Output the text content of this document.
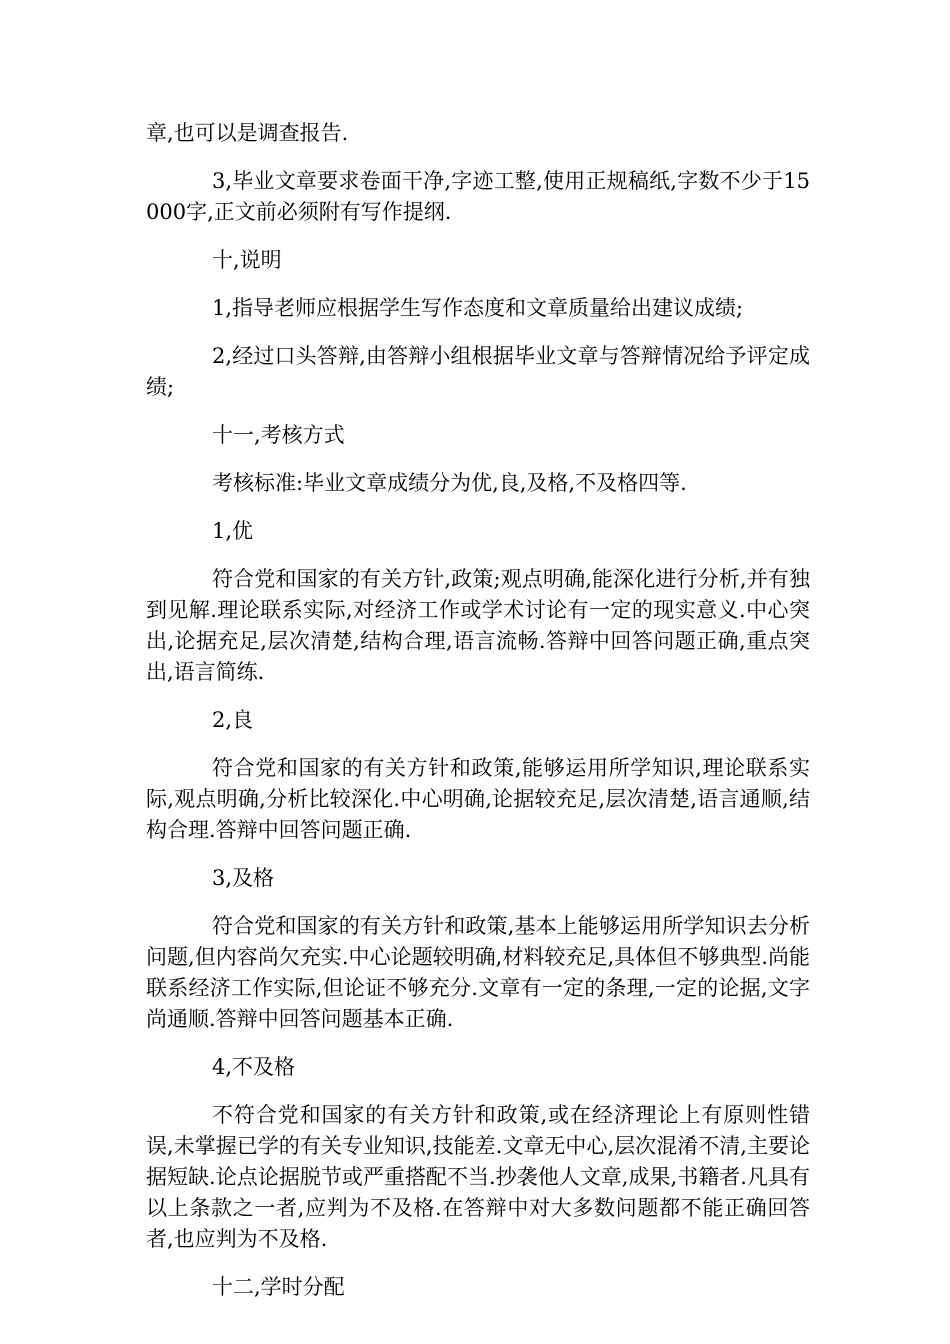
章,也可以是调查报告.

3,毕业文章要求卷面干净,字迹工整,使用正规稿纸,字数不少于15000字,正文前必须附有写作提纲.

十,说明

1,指导老师应根据学生写作态度和文章质量给出建议成绩;

2,经过口头答辩,由答辩小组根据毕业文章与答辩情况给予评定成绩;

十一,考核方式

考核标准:毕业文章成绩分为优,良,及格,不及格四等.

1,优

符合党和国家的有关方针,政策;观点明确,能深化进行分析,并有独到见解.理论联系实际,对经济工作或学术讨论有一定的现实意义.中心突出,论据充足,层次清楚,结构合理,语言流畅.答辩中回答问题正确,重点突出,语言简练.

2,良

符合党和国家的有关方针和政策,能够运用所学知识,理论联系实际,观点明确,分析比较深化.中心明确,论据较充足,层次清楚,语言通顺,结构合理.答辩中回答问题正确.

3,及格

符合党和国家的有关方针和政策,基本上能够运用所学知识去分析问题,但内容尚欠充实.中心论题较明确,材料较充足,具体但不够典型.尚能联系经济工作实际,但论证不够充分.文章有一定的条理,一定的论据,文字尚通顺.答辩中回答问题基本正确.

4,不及格

不符合党和国家的有关方针和政策,或在经济理论上有原则性错误,未掌握已学的有关专业知识,技能差.文章无中心,层次混淆不清,主要论据短缺.论点论据脱节或严重搭配不当.抄袭他人文章,成果,书籍者.凡具有以上条款之一者,应判为不及格.在答辩中对大多数问题都不能正确回答者,也应判为不及格.

十二,学时分配
